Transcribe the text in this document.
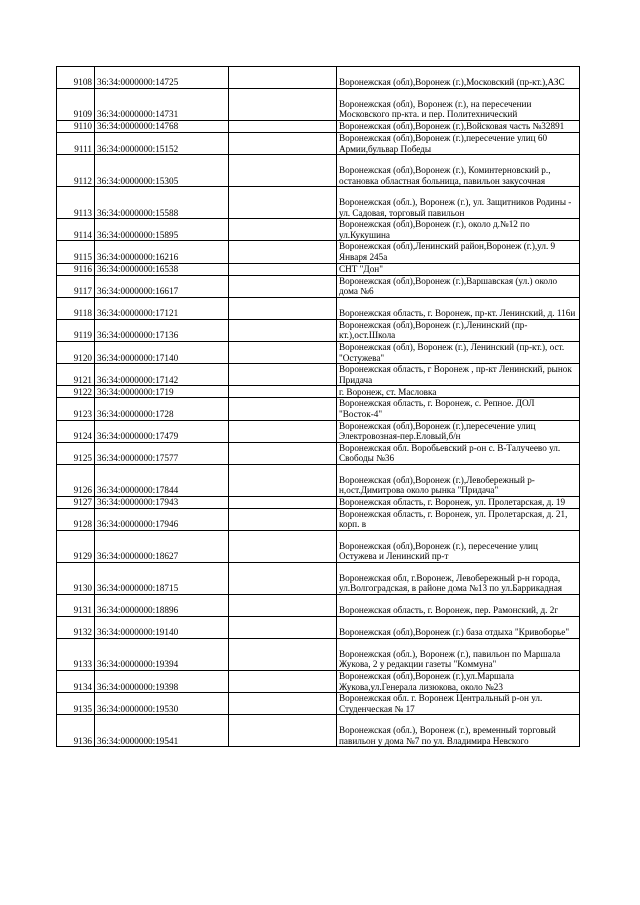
9108	36:34:0000000:14725		Воронежская (обл),Воронеж (г.),Московский (пр-кт.),АЗС
9109	36:34:0000000:14731		Воронежская (обл), Воронеж (г.), на пересечении Московского пр-кта. и пер. Политехнический
9110	36:34:0000000:14768		Воронежская (обл),Воронеж (г.),Войсковая часть №32891
9111	36:34:0000000:15152		Воронежская (обл),Воронеж (г.),пересечение улиц 60 Армии,бульвар Победы
9112	36:34:0000000:15305		Воронежская (обл),Воронеж (г.), Коминтерновский р., остановка областная больница, павильон закусочная
9113	36:34:0000000:15588		Воронежская (обл.), Воронеж (г.), ул. Защитников Родины - ул. Садовая, торговый павильон
9114	36:34:0000000:15895		Воронежская (обл),Воронеж (г.), около д.№12 по ул.Кукушина
9115	36:34:0000000:16216		Воронежская (обл),Ленинский район,Воронеж (г.),ул. 9 Января 245а
9116	36:34:0000000:16538		СНТ "Дон"
9117	36:34:0000000:16617		Воронежская (обл),Воронеж (г.),Варшавская (ул.) около дома №6
9118	36:34:0000000:17121		Воронежская область, г. Воронеж, пр-кт. Ленинский, д. 116и
9119	36:34:0000000:17136		Воронежская (обл),Воронеж (г.),Ленинский (пр-кт.),ост.Школа
9120	36:34:0000000:17140		Воронежская (обл), Воронеж (г.), Ленинский (пр-кт.), ост. "Остужева"
9121	36:34:0000000:17142		Воронежская область, г Воронеж , пр-кт Ленинский, рынок Придача
9122	36:34:0000000:1719		г. Воронеж, ст. Масловка
9123	36:34:0000000:1728		Воронежская область, г. Воронеж, с. Репное. ДОЛ "Восток-4"
9124	36:34:0000000:17479		Воронежская (обл),Воронеж (г.),пересечение улиц Электровозная-пер.Еловый,б/н
9125	36:34:0000000:17577		Воронежская обл. Воробьевский р-он с. В-Талучеево ул. Свободы №36
9126	36:34:0000000:17844		Воронежская (обл),Воронеж (г.),Левобережный р-н,ост.Димитрова около рынка "Придача"
9127	36:34:0000000:17943		Воронежская область, г. Воронеж, ул. Пролетарская, д. 19
9128	36:34:0000000:17946		Воронежская область, г. Воронеж, ул. Пролетарская, д. 21, корп. в
9129	36:34:0000000:18627		Воронежская (обл),Воронеж (г.), пересечение улиц Остужева и Ленинский пр-т
9130	36:34:0000000:18715		Воронежская обл, г.Воронеж, Левобережный р-н города, ул.Волгоградская, в районе дома №13 по ул.Баррикадная
9131	36:34:0000000:18896		Воронежская область, г. Воронеж, пер. Рамонский, д. 2г
9132	36:34:0000000:19140		Воронежская (обл),Воронеж (г.) база отдыха "Кривоборье"
9133	36:34:0000000:19394		Воронежская (обл.), Воронеж (г.), павильон по Маршала Жукова, 2 у редакции газеты "Коммуна"
9134	36:34:0000000:19398		Воронежская (обл),Воронеж (г.),ул.Маршала Жукова,ул.Генерала лизюкова, около №23
9135	36:34:0000000:19530		Воронежская обл. г. Воронеж Центральный р-он ул. Студенческая № 17
9136	36:34:0000000:19541		Воронежская (обл.), Воронеж (г.), временный торговый павильон у дома №7 по ул. Владимира Невского
